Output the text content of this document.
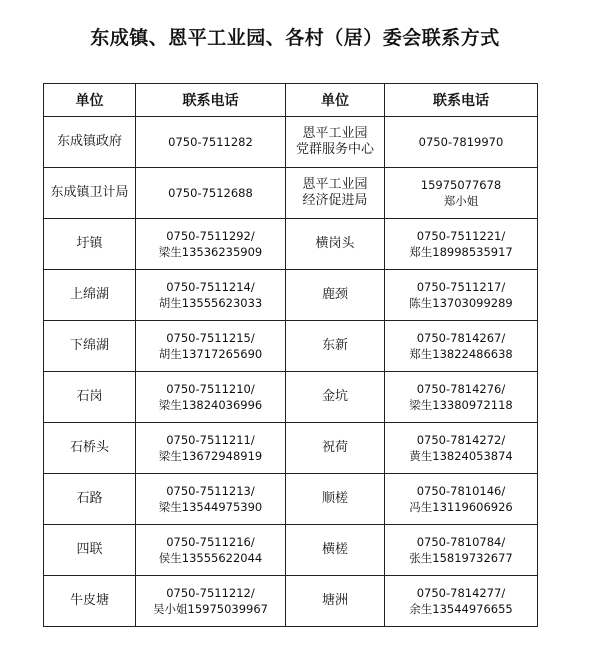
东成镇、恩平工业园、各村（居）委会联系方式
单位	联系电话	单位	联系电话

东成镇政府	0750-7511282	恩平工业园
党群服务中心	0750-7819970

东成镇卫计局	0750-7512688	恩平工业园
经济促进局	15975077678
郑小姐

圩镇	0750-7511292/
梁生13536235909	横岗头	0750-7511221/
郑生18998535917

上绵湖	0750-7511214/
胡生13555623033	鹿颈	0750-7511217/
陈生13703099289

下绵湖	0750-7511215/
胡生13717265690	东新	0750-7814267/
郑生13822486638

石岗	0750-7511210/
梁生13824036996	金坑	0750-7814276/
梁生13380972118

石桥头	0750-7511211/
梁生13672948919	祝荷	0750-7814272/
黄生13824053874

石路	0750-7511213/
梁生13544975390	顺槎	0750-7810146/
冯生13119606926

四联	0750-7511216/
侯生13555622044	横槎	0750-7810784/
张生15819732677

牛皮塘	0750-7511212/
吴小姐15975039967	塘洲	0750-7814277/
余生13544976655
